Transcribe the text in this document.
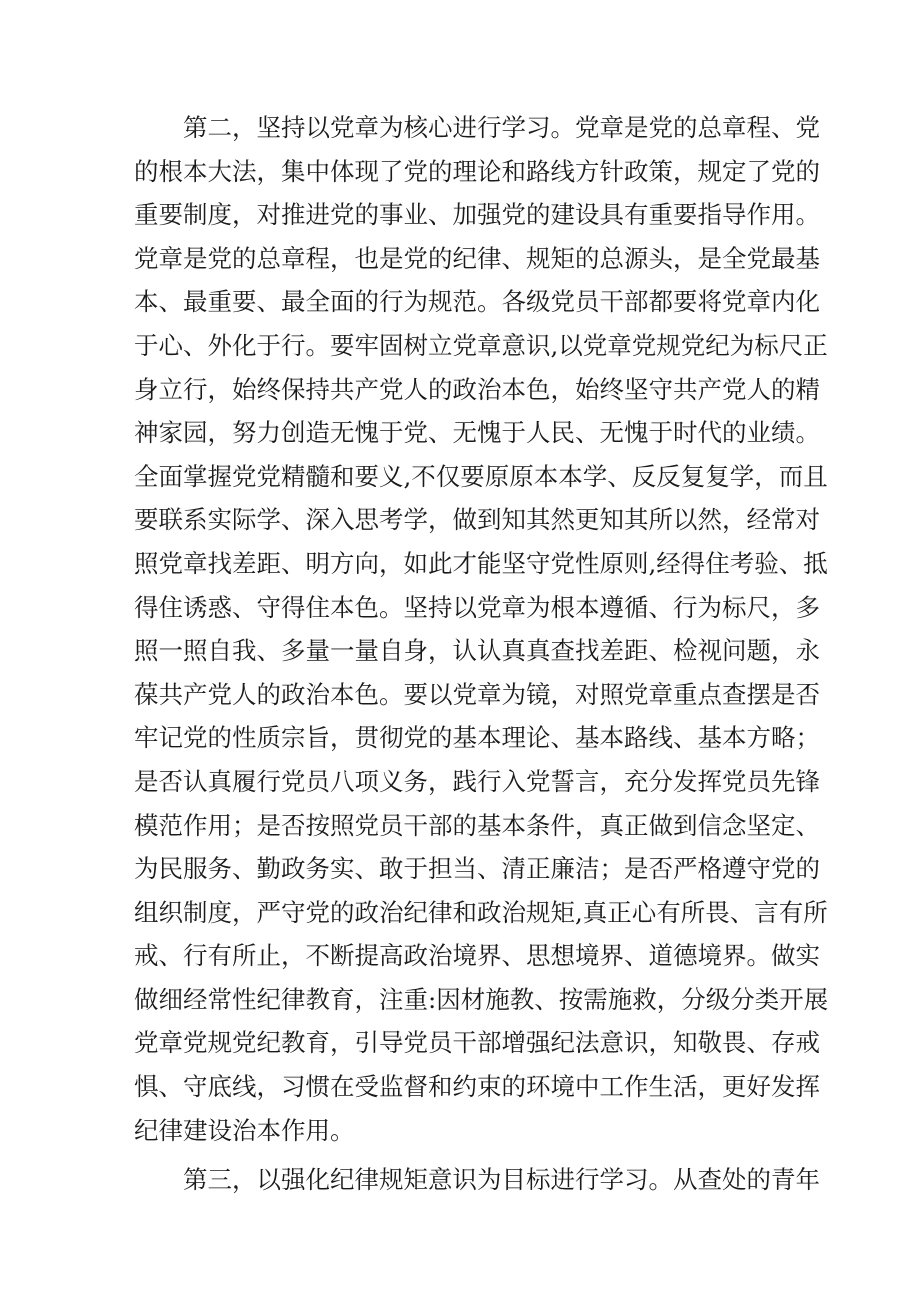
第二，坚持以党章为核心进行学习。党章是党的总章程、党
的根本大法，集中体现了党的理论和路线方针政策，规定了党的
重要制度，对推进党的事业、加强党的建设具有重要指导作用。
党章是党的总章程，也是党的纪律、规矩的总源头，是全党最基
本、最重要、最全面的行为规范。各级党员干部都要将党章内化
于心、外化于行。要牢固树立党章意识,以党章党规党纪为标尺正
身立行，始终保持共产党人的政治本色，始终坚守共产党人的精
神家园，努力创造无愧于党、无愧于人民、无愧于时代的业绩。
全面掌握党党精髓和要义,不仅要原原本本学、反反复复学，而且
要联系实际学、深入思考学，做到知其然更知其所以然，经常对
照党章找差距、明方向，如此才能坚守党性原则,经得住考验、抵
得住诱惑、守得住本色。坚持以党章为根本遵循、行为标尺，多
照一照自我、多量一量自身，认认真真查找差距、检视问题，永
葆共产党人的政治本色。要以党章为镜，对照党章重点查摆是否
牢记党的性质宗旨，贯彻党的基本理论、基本路线、基本方略；
是否认真履行党员八项义务，践行入党誓言，充分发挥党员先锋
模范作用；是否按照党员干部的基本条件，真正做到信念坚定、
为民服务、勤政务实、敢于担当、清正廉洁；是否严格遵守党的
组织制度，严守党的政治纪律和政治规矩,真正心有所畏、言有所
戒、行有所止，不断提高政治境界、思想境界、道德境界。做实
做细经常性纪律教育，注重:因材施教、按需施救，分级分类开展
党章党规党纪教育，引导党员干部增强纪法意识，知敬畏、存戒
惧、守底线，习惯在受监督和约束的环境中工作生活，更好发挥
纪律建设治本作用。
第三，以强化纪律规矩意识为目标进行学习。从查处的青年
